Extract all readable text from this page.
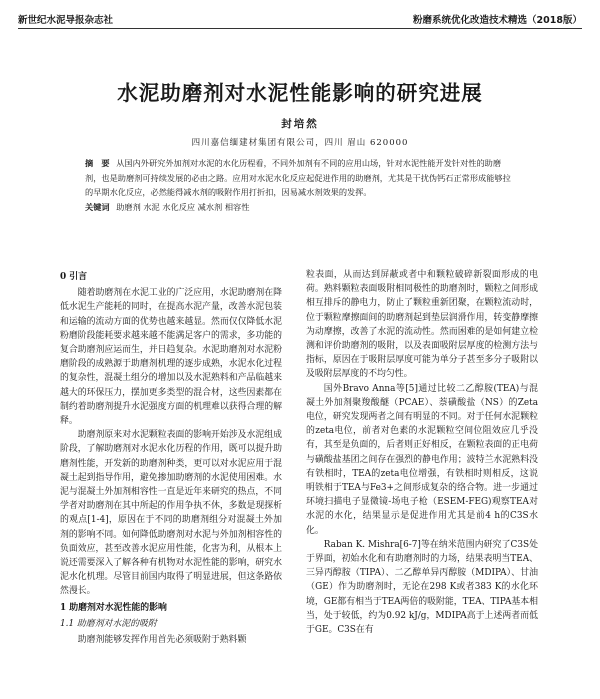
新世纪水泥导报杂志社	粉磨系统优化改造技术精选（2018版）
水泥助磨剂对水泥性能影响的研究进展
封培然
四川嘉信缅建材集团有限公司，四川 眉山 620000
摘　要 从国内外研究外加剂对水泥的水化历程看，不同外加剂有不同的应用山场，针对水泥性能开发针对性的助磨剂，也是助磨剂可持续发展的必由之路。应用对水泥水化反应起促进作用的助磨剂，尤其是干扰伪钙石正常形成能够拉的早期水化反应，必然能得减水剂的吸附作用打折扣，因易减水剂效果的发挥。
关键词 助磨剂 水泥 水化反应 减水剂 相容性
0 引言

随着助磨剂在水泥工业的广泛应用，水泥助磨剂在降低水泥生产能耗的同时，在提高水泥产量，改善水泥包装和运输的流动方面的优势也越来越显。然而仅仅降低水泥粉磨阶段能耗要求越来越不能满足客户的需求，多功能的复合助磨剂应运而生，并日趋复杂。水泥助磨剂对水泥粉磨阶段的成熟源于助磨剂机理的逐步成熟，水泥水化过程的复杂性，混凝土组分的增加以及水泥熟料和产品临越来越大的环保压力，摆加更多类型的混合材，这些因素都在制约着助磨剂提升水泥强度方面的机理难以获得合理的解释。

助磨剂原来对水泥颗粒表面的影响开始涉及水泥组成阶段，了解助磨剂对水泥水化历程的作用，既可以提升助磨剂性能，开发新的助磨剂种类，更可以对水泥应用于混凝土起到指导作用，避免掺加助磨剂的水泥使用困难。水泥与混凝土外加剂相容性一直是近年来研究的热点，不同学者对助磨剂在其中所起的作用争执不休，多数是现探析的观点[1-4]，原因在于不同的助磨剂组分对混凝土外加剂的影响不同。如何降低助磨剂对水泥与外加剂相容性的负面效应，甚至改善水泥应用性能，化害为利，从根本上说还需要深入了解各种有机物对水泥性能的影响，研究水泥水化机理。尽管目前国内取得了明显进展，但这条路依然漫长。

1 助磨剂对水泥性能的影响
1.1 助磨剂对水泥的吸附

助磨剂能够发挥作用首先必须吸附于熟料颗

粒表面，从而达到屏蔽或者中和颗粒破碎新裂面形成的电荷。熟料颗粒表面吸附相同极性的助磨剂时，颗粒之间形成相互排斥的静电力，防止了颗粒重新团聚，在颗粒流动时，位于颗粒摩擦面间的助磨剂起到垫层润滑作用，转变静摩擦为动摩擦，改善了水泥的流动性。然而困难的是如何建立检测和评价助磨剂的吸附，以及表面吸附层厚度的检测方法与指标，原因在于吸附层厚度可能为单分子甚至多分子吸附以及吸附层厚度的不均匀性。

国外Bravo Anna等[5]通过比较二乙醇胺(TEA)与混凝土外加剂聚羧酸醚（PCAE）、萘磺酸盐（NS）的Zeta电位，研究发现两者之间有明显的不同。对于任何水泥颗粒的zeta电位，前者对色素的水泥颗粒空间位阻效应几乎没有，其至是负面的，后者则正好相反，在颗粒表面的正电荷与磺酸盐基团之间存在强烈的静电作用；波特兰水泥熟料没有铁相时，TEA的zeta电位增强，有铁相时则相反，这说明铁相于TEA与Fe3+之间形成复杂的络合物。进一步通过环境扫描电子显微镜-场电子枪（ESEM-FEG)观察TEA对水泥的水化，结果显示是促进作用尤其是前4 h的C3S水化。

Raban K. Mishra[6-7]等在纳米范围内研究了C3S处于界面，初始水化和有助磨剂时的力场，结果表明当TEA、三异丙醇胺（TIPA）、二乙醇单异丙醇胺（MDIPA）、甘油（GE）作为助磨剂时，无论在298 K或者383 K的水化环境，GE都有相当于TEA两倍的吸附能，TEA、TIPA基本相当，处于较低，约为0.92 kJ/g，MDIPA高于上述两者而低于GE。C3S在有
